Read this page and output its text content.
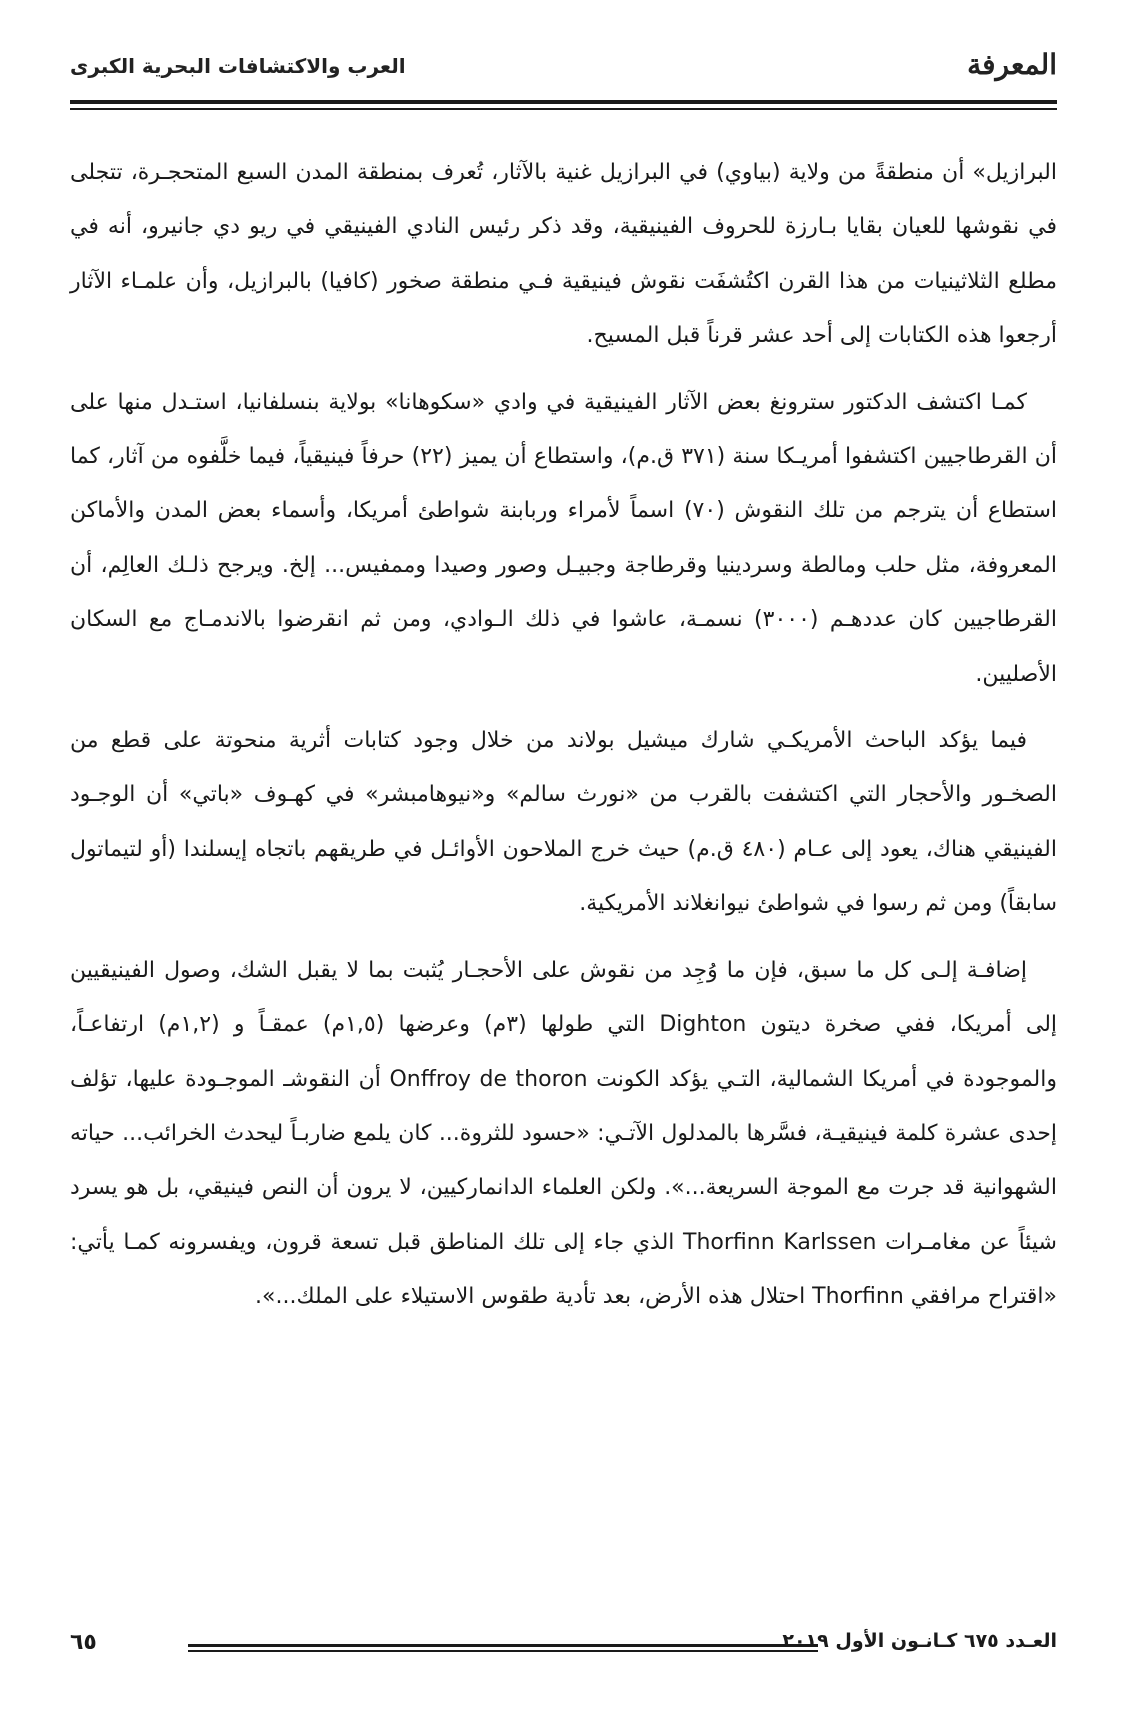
المعرفة
العرب والاكتشافات البحرية الكبرى

البرازيل» أن منطقةً من ولاية (بياوي) في البرازيل غنية بالآثار، تُعرف بمنطقة المدن السبع المتحجـرة، تتجلى في نقوشها للعيان بقايا بـارزة للحروف الفينيقية، وقد ذكر رئيس النادي الفينيقي في ريو دي جانيرو، أنه في مطلع الثلاثينيات من هذا القرن اكتُشفَت نقوش فينيقية فـي منطقة صخور (كافيا) بالبرازيل، وأن علمـاء الآثار أرجعوا هذه الكتابات إلى أحد عشر قرناً قبل المسيح.

كمـا اكتشف الدكتور سترونغ بعض الآثار الفينيقية في وادي «سكوهانا» بولاية بنسلفانيا، استـدل منها على أن القرطاجيين اكتشفوا أمريـكا سنة (٣٧١ ق.م)، واستطاع أن يميز (٢٢) حرفاً فينيقياً، فيما خلَّفوه من آثار، كما استطاع أن يترجم من تلك النقوش (٧٠) اسماً لأمراء وربابنة شواطئ أمريكا، وأسماء بعض المدن والأماكن المعروفة، مثل حلب ومالطة وسردينيا وقرطاجة وجبيـل وصور وصيدا وممفيس... إلخ. ويرجح ذلـك العالِم، أن القرطاجيين كان عددهـم (٣٠٠٠) نسمـة، عاشوا في ذلك الـوادي، ومن ثم انقرضوا بالاندمـاج مع السكان الأصليين.

فيما يؤكد الباحث الأمريكـي شارك ميشيل بولاند من خلال وجود كتابات أثرية منحوتة على قطع من الصخـور والأحجار التي اكتشفت بالقرب من «نورث سالم» و«نيوهامبشر» في كهـوف «باتي» أن الوجـود الفينيقي هناك، يعود إلى عـام (٤٨٠ ق.م) حيث خرج الملاحون الأوائـل في طريقهم باتجاه إيسلندا (أو لتيماتول سابقاً) ومن ثم رسوا في شواطئ نيوانغلاند الأمريكية.

إضافـة إلـى كل ما سبق، فإن ما وُجِد من نقوش على الأحجـار يُثبت بما لا يقبل الشك، وصول الفينيقيين إلى أمريكا، ففي صخرة ديتون Dighton التي طولها (٣م) وعرضها (١,٥م) عمقـاً و (١,٢م) ارتفاعـاً، والموجودة في أمريكا الشمالية، التـي يؤكد الكونت Onffroy de thoron أن النقوشـ الموجـودة عليها، تؤلف إحدى عشرة كلمة فينيقيـة، فسَّرها بالمدلول الآتـي: «حسود للثروة... كان يلمع ضاربـاً ليحدث الخرائب... حياته الشهوانية قد جرت مع الموجة السريعة...». ولكن العلماء الدانماركيين، لا يرون أن النص فينيقي، بل هو يسرد شيئاً عن مغامـرات Thorfinn Karlssen الذي جاء إلى تلك المناطق قبل تسعة قرون، ويفسرونه كمـا يأتي: «اقتراح مرافقي Thorfinn احتلال هذه الأرض، بعد تأدية طقوس الاستيلاء على الملك...».

٦٥	العـدد ٦٧٥ كـانـون الأول ٢٠١٩
